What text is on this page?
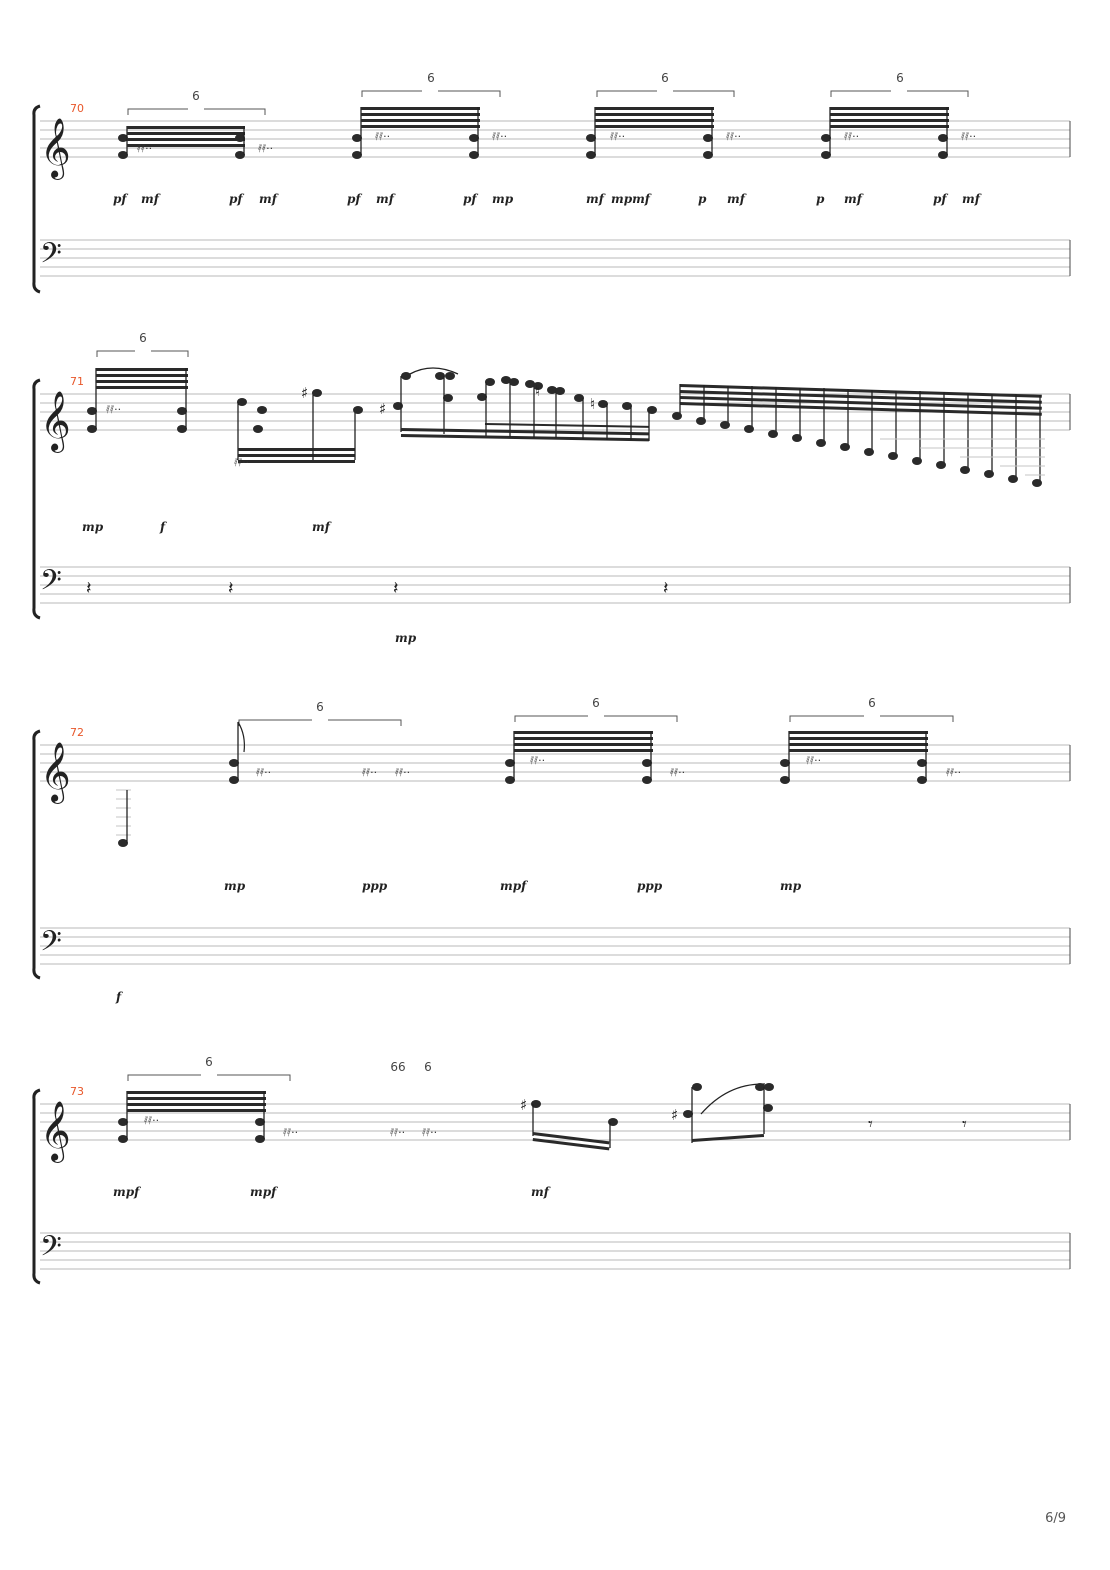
70
𝄞
𝄢
6
6	6	6
𝅀𝅀··	𝅀𝅀··
𝅀𝅀··	𝅀𝅀··	𝅀𝅀··	𝅀𝅀··	𝅀𝅀··	𝅀𝅀··
pf mf	pf mf	pf mf	pf mp	mf mpmf	p mf	p mf	pf mf
71
𝄞
𝄢 𝄽	𝄽	𝄽	𝄽
6
𝅀𝅀··
♯
𝅀𝅀··
♯	♮
♮
mp	f	mf
mp
72
𝄞
𝄢
6	6	6
𝅀𝅀··	𝅀𝅀·· 𝅀𝅀··
𝅀𝅀··
𝅀𝅀··
𝅀𝅀··
𝅀𝅀··
mp	ppp	mpf	ppp	mp
f
73
𝄞	𝄾	𝄾
𝄢
6	66 6
𝅀𝅀··
𝅀𝅀··	𝅀𝅀·· 𝅀𝅀··
♯
♯
mpf	mpf	mf
6/9
